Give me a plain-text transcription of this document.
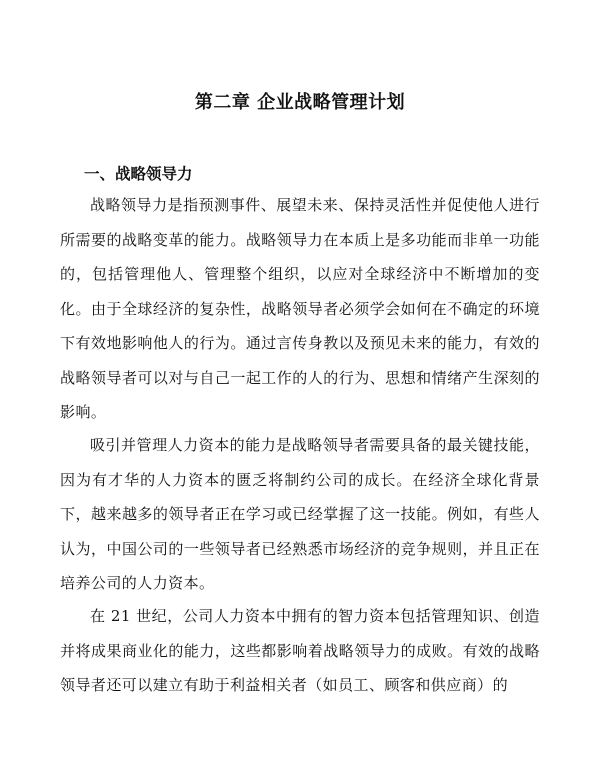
第二章 企业战略管理计划
一、战略领导力

战略领导力是指预测事件、展望未来、保持灵活性并促使他人进行所需要的战略变革的能力。战略领导力在本质上是多功能而非单一功能的，包括管理他人、管理整个组织，以应对全球经济中不断增加的变化。由于全球经济的复杂性，战略领导者必须学会如何在不确定的环境下有效地影响他人的行为。通过言传身教以及预见未来的能力，有效的战略领导者可以对与自己一起工作的人的行为、思想和情绪产生深刻的影响。

吸引并管理人力资本的能力是战略领导者需要具备的最关键技能，因为有才华的人力资本的匮乏将制约公司的成长。在经济全球化背景下，越来越多的领导者正在学习或已经掌握了这一技能。例如，有些人认为，中国公司的一些领导者已经熟悉市场经济的竞争规则，并且正在培养公司的人力资本。

在 21 世纪，公司人力资本中拥有的智力资本包括管理知识、创造并将成果商业化的能力，这些都影响着战略领导力的成败。有效的战略领导者还可以建立有助于利益相关者（如员工、顾客和供应商）的
